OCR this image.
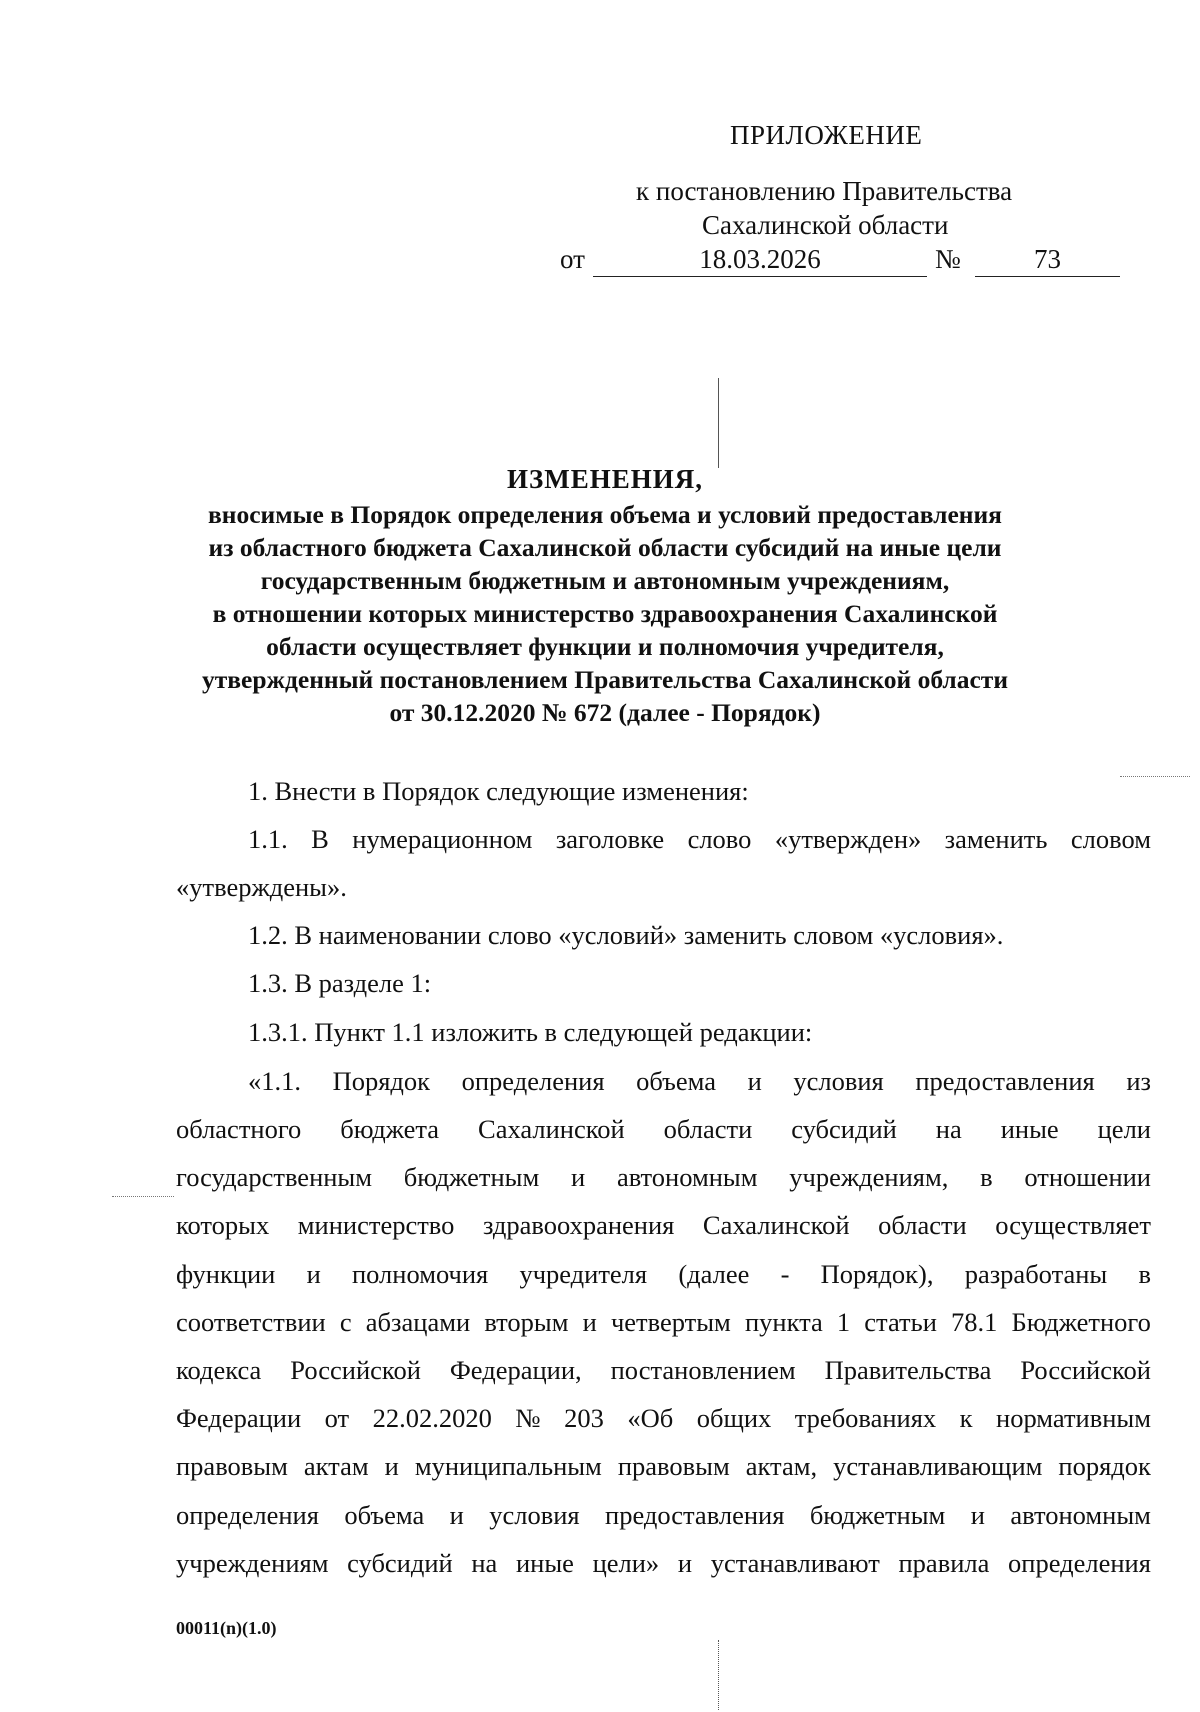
ПРИЛОЖЕНИЕ
к постановлению Правительства
Сахалинской области
от	18.03.2026	№	73
ИЗМЕНЕНИЯ,
вносимые в Порядок определения объема и условий предоставления
из областного бюджета Сахалинской области субсидий на иные цели
государственным бюджетным и автономным учреждениям,
в отношении которых министерство здравоохранения Сахалинской
области осуществляет функции и полномочия учредителя,
утвержденный постановлением Правительства Сахалинской области
от 30.12.2020 № 672 (далее - Порядок)
1. Внести в Порядок следующие изменения:
1.1. В нумерационном заголовке слово «утвержден» заменить словом
«утверждены».
1.2. В наименовании слово «условий» заменить словом «условия».
1.3. В разделе 1:
1.3.1. Пункт 1.1 изложить в следующей редакции:
«1.1. Порядок определения объема и условия предоставления из
областного бюджета Сахалинской области субсидий на иные цели
государственным бюджетным и автономным учреждениям, в отношении
которых министерство здравоохранения Сахалинской области осуществляет
функции и полномочия учредителя (далее - Порядок), разработаны в
соответствии с абзацами вторым и четвертым пункта 1 статьи 78.1 Бюджетного
кодекса Российской Федерации, постановлением Правительства Российской
Федерации от 22.02.2020 № 203 «Об общих требованиях к нормативным
правовым актам и муниципальным правовым актам, устанавливающим порядок
определения объема и условия предоставления бюджетным и автономным
учреждениям субсидий на иные цели» и устанавливают правила определения
00011(n)(1.0)
